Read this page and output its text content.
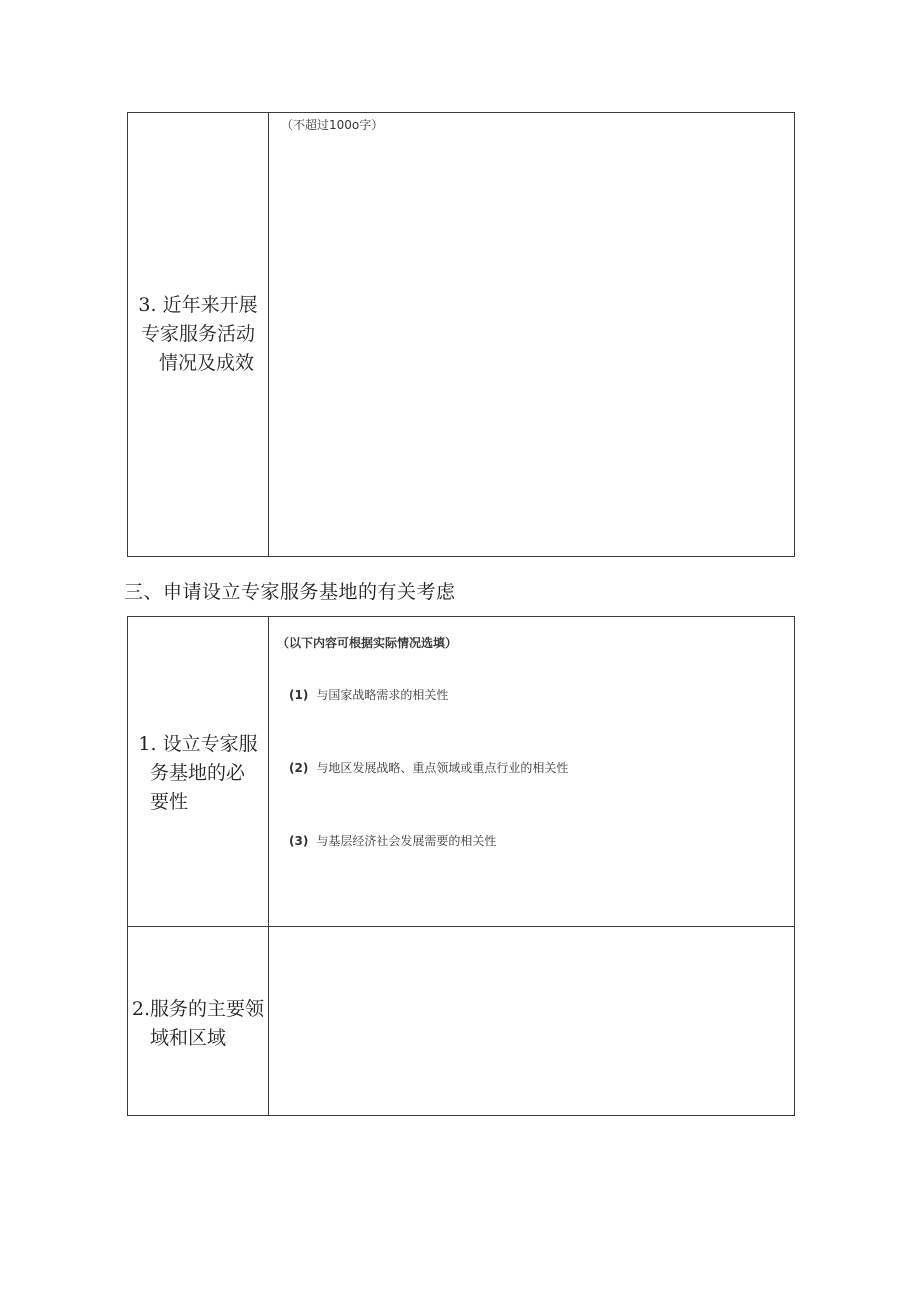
3. 近年来开展
专家服务活动
情况及成效
（不超过100o字）
三、申请设立专家服务基地的有关考虑
1. 设立专家服
务基地的必
要性
（以下内容可根据实际情况选填）
(1) 与国家战略需求的相关性
(2) 与地区发展战略、重点领域或重点行业的相关性
(3) 与基层经济社会发展需要的相关性
2.服务的主要领
域和区域
